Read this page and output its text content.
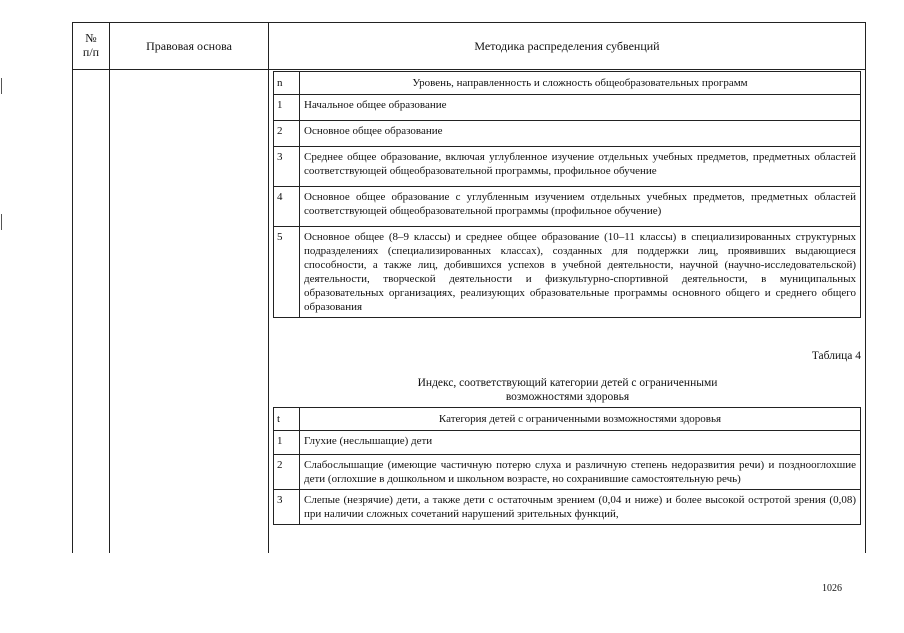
№
п/п	Правовая основа	Методика распределения субвенций
n	Уровень, направленность и сложность общеобразовательных программ
1	Начальное общее образование
2	Основное общее образование
3	Среднее общее образование, включая углубленное изучение отдельных учебных предметов, предметных областей соответствующей общеобразовательной программы, профильное обучение
4	Основное общее образование с углубленным изучением отдельных учебных предметов, предметных областей соответствующей общеобразовательной программы (профильное обучение)
5	Основное общее (8–9 классы) и среднее общее образование (10–11 классы) в специализированных структурных подразделениях (специализированных классах), созданных для поддержки лиц, проявивших выдающиеся способности, а также лиц, добившихся успехов в учебной деятельности, научной (научно-исследовательской) деятельности, творческой деятельности и физкультурно-спортивной деятельности, в муниципальных образовательных организациях, реализующих образовательные программы основного общего и среднего общего образования
Таблица 4
Индекс, соответствующий категории детей с ограниченными
возможностями здоровья
t	Категория детей с ограниченными возможностями здоровья
1	Глухие (неслышащие) дети
2	Слабослышащие (имеющие частичную потерю слуха и различную степень недоразвития речи) и позднооглохшие дети (оглохшие в дошкольном и школьном возрасте, но сохранившие самостоятельную речь)
3	Слепые (незрячие) дети, а также дети с остаточным зрением (0,04 и ниже) и более высокой остротой зрения (0,08) при наличии сложных сочетаний нарушений зрительных функций,
1026
